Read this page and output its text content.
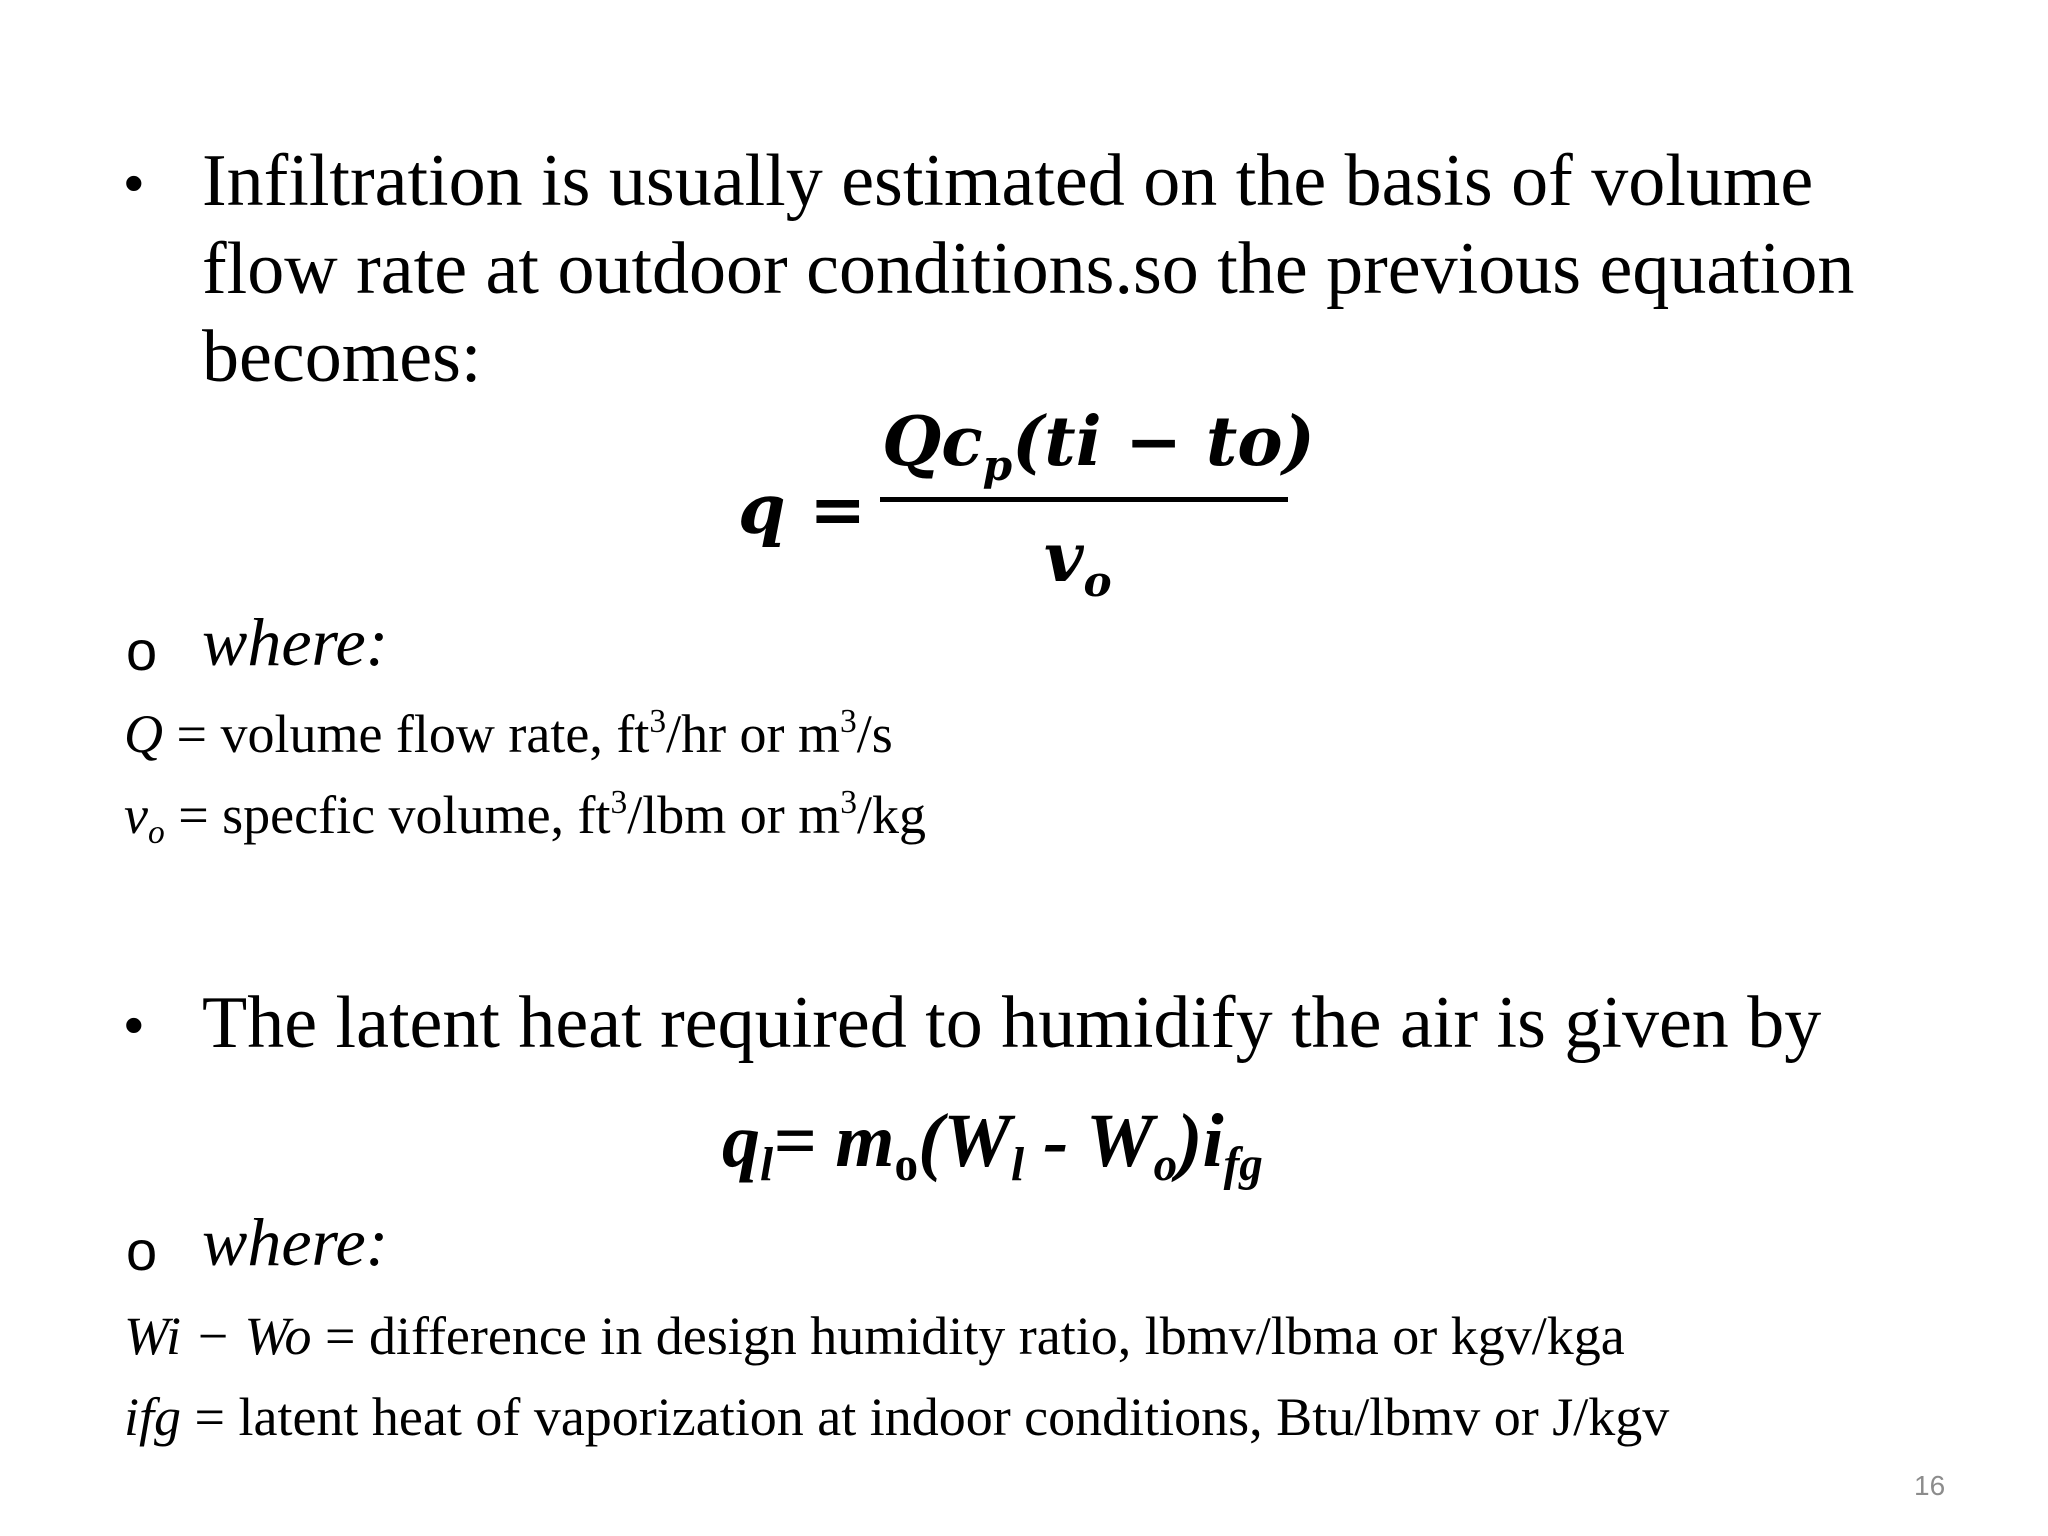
• Infiltration is usually estimated on the basis of volume
flow rate at outdoor conditions.so the previous equation
becomes:
q =
$Qc_p(ti - to)$
$v_o$
o where:
Q = volume flow rate, $ft^3/hr$ or $m^3/s$
vo = specfic volume, $ft^3$/lbm or $m^3/kg$
• The latent heat required to humidify the air is given by
ql= mo(Wl - Wo)ifg
o where:
Wi − Wo = difference in design humidity ratio, lbmv/lbma or kgv/kga
ifg = latent heat of vaporization at indoor conditions, Btu/lbmv or J/kgv
16
